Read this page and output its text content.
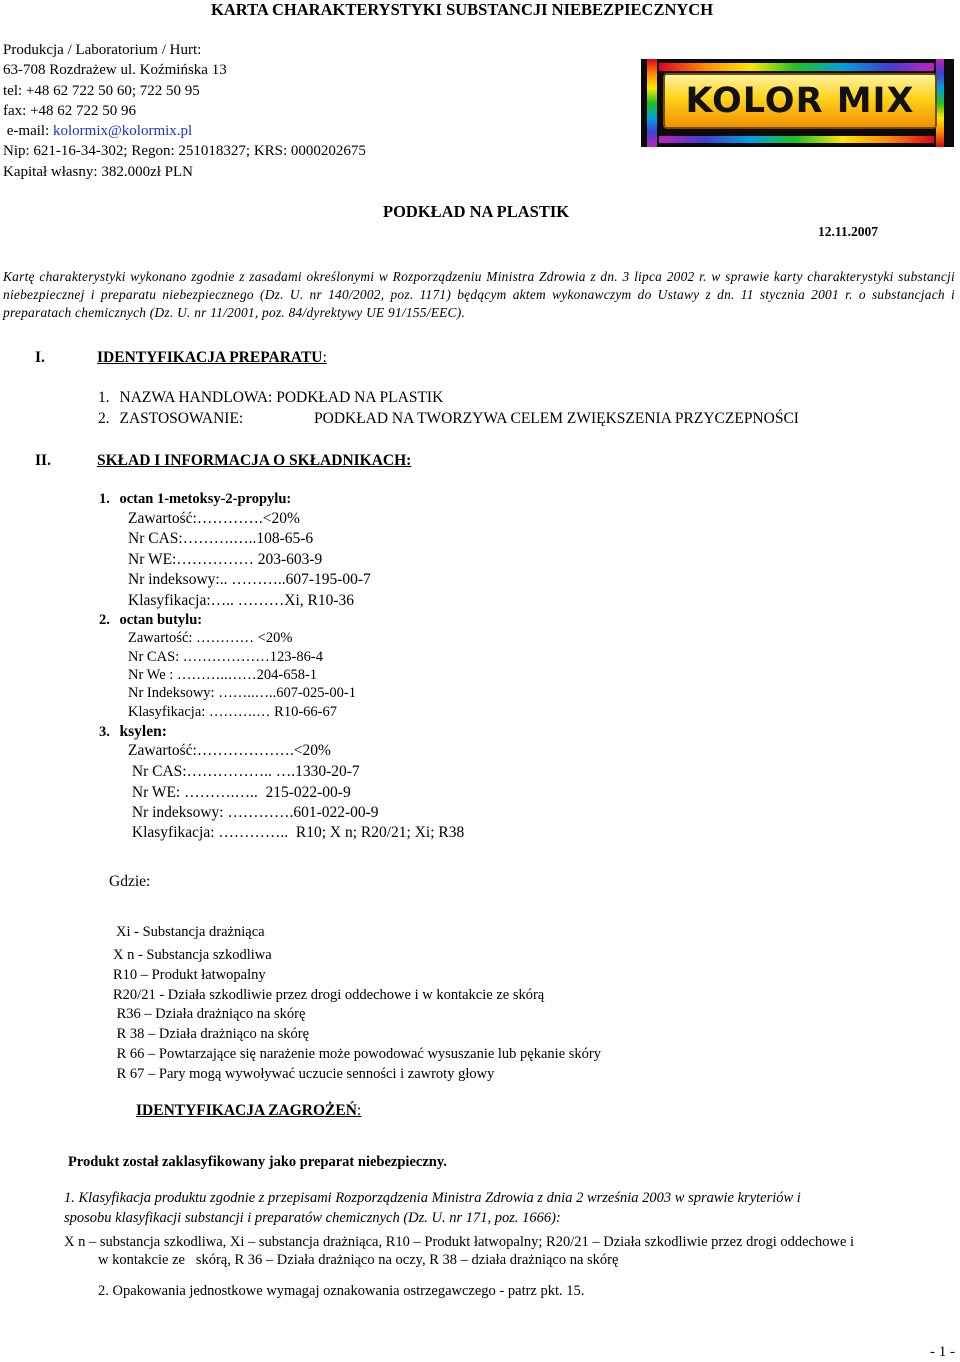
KARTA CHARAKTERYSTYKI SUBSTANCJI NIEBEZPIECZNYCH
Produkcja / Laboratorium / Hurt:
63-708 Rozdrażew ul. Koźmińska 13
tel: +48 62 722 50 60; 722 50 95
fax: +48 62 722 50 96
e-mail: kolormix@kolormix.pl
Nip: 621-16-34-302; Regon: 251018327; KRS: 0000202675
Kapitał własny: 382.000zł PLN
KOLOR MIX
PODKŁAD NA PLASTIK
12.11.2007
Kartę charakterystyki wykonano zgodnie z zasadami określonymi w Rozporządzeniu Ministra Zdrowia z dn. 3 lipca 2002 r. w sprawie karty charakterystyki substancji niebezpiecznej i preparatu niebezpiecznego (Dz. U. nr 140/2002, poz. 1171) będącym aktem wykonawczym do Ustawy z dn. 11 stycznia 2001 r. o substancjach i preparatach chemicznych (Dz. U. nr 11/2001, poz. 84/dyrektywy UE 91/155/EEC).
I.	IDENTYFIKACJA PREPARATU:
1. NAZWA HANDLOWA: PODKŁAD NA PLASTIK
2. ZASTOSOWANIE:	PODKŁAD NA TWORZYWA CELEM ZWIĘKSZENIA PRZYCZEPNOŚCI
II.	SKŁAD I INFORMACJA O SKŁADNIKACH:
1. octan 1-metoksy-2-propylu:
Zawartość:………….<20%
Nr CAS:……….…..108-65-6
Nr WE:…………… 203-603-9
Nr indeksowy:.. ………..607-195-00-7
Klasyfikacja:….. ………Xi, R10-36
2. octan butylu:
Zawartość: ………… <20%
Nr CAS: ………………123-86-4
Nr We : ………..……204-658-1
Nr Indeksowy: ……..…..607-025-00-1
Klasyfikacja: ……….… R10-66-67
3. ksylen:
Zawartość:……………….<20%
Nr CAS:…………….. ….1330-20-7
Nr WE: ……….…..  215-022-00-9
Nr indeksowy: ………….601-022-00-9
Klasyfikacja: …………..  R10; X n; R20/21; Xi; R38
Gdzie:
Xi - Substancja drażniąca
X n - Substancja szkodliwa
R10 – Produkt łatwopalny
R20/21 - Działa szkodliwie przez drogi oddechowe i w kontakcie ze skórą
R36 – Działa drażniąco na skórę
R 38 – Działa drażniąco na skórę
R 66 – Powtarzające się narażenie może powodować wysuszanie lub pękanie skóry
R 67 – Pary mogą wywoływać uczucie senności i zawroty głowy
IDENTYFIKACJA ZAGROŻEŃ:
Produkt został zaklasyfikowany jako preparat niebezpieczny.
1. Klasyfikacja produktu zgodnie z przepisami Rozporządzenia Ministra Zdrowia z dnia 2 września 2003 w sprawie kryteriów i
sposobu klasyfikacji substancji i preparatów chemicznych (Dz. U. nr 171, poz. 1666):
X n – substancja szkodliwa, Xi – substancja drażniąca, R10 – Produkt łatwopalny; R20/21 – Działa szkodliwie przez drogi oddechowe i
w kontakcie ze   skórą, R 36 – Działa drażniąco na oczy, R 38 – działa drażniąco na skórę
2. Opakowania jednostkowe wymagaj oznakowania ostrzegawczego - patrz pkt. 15.
- 1 -
